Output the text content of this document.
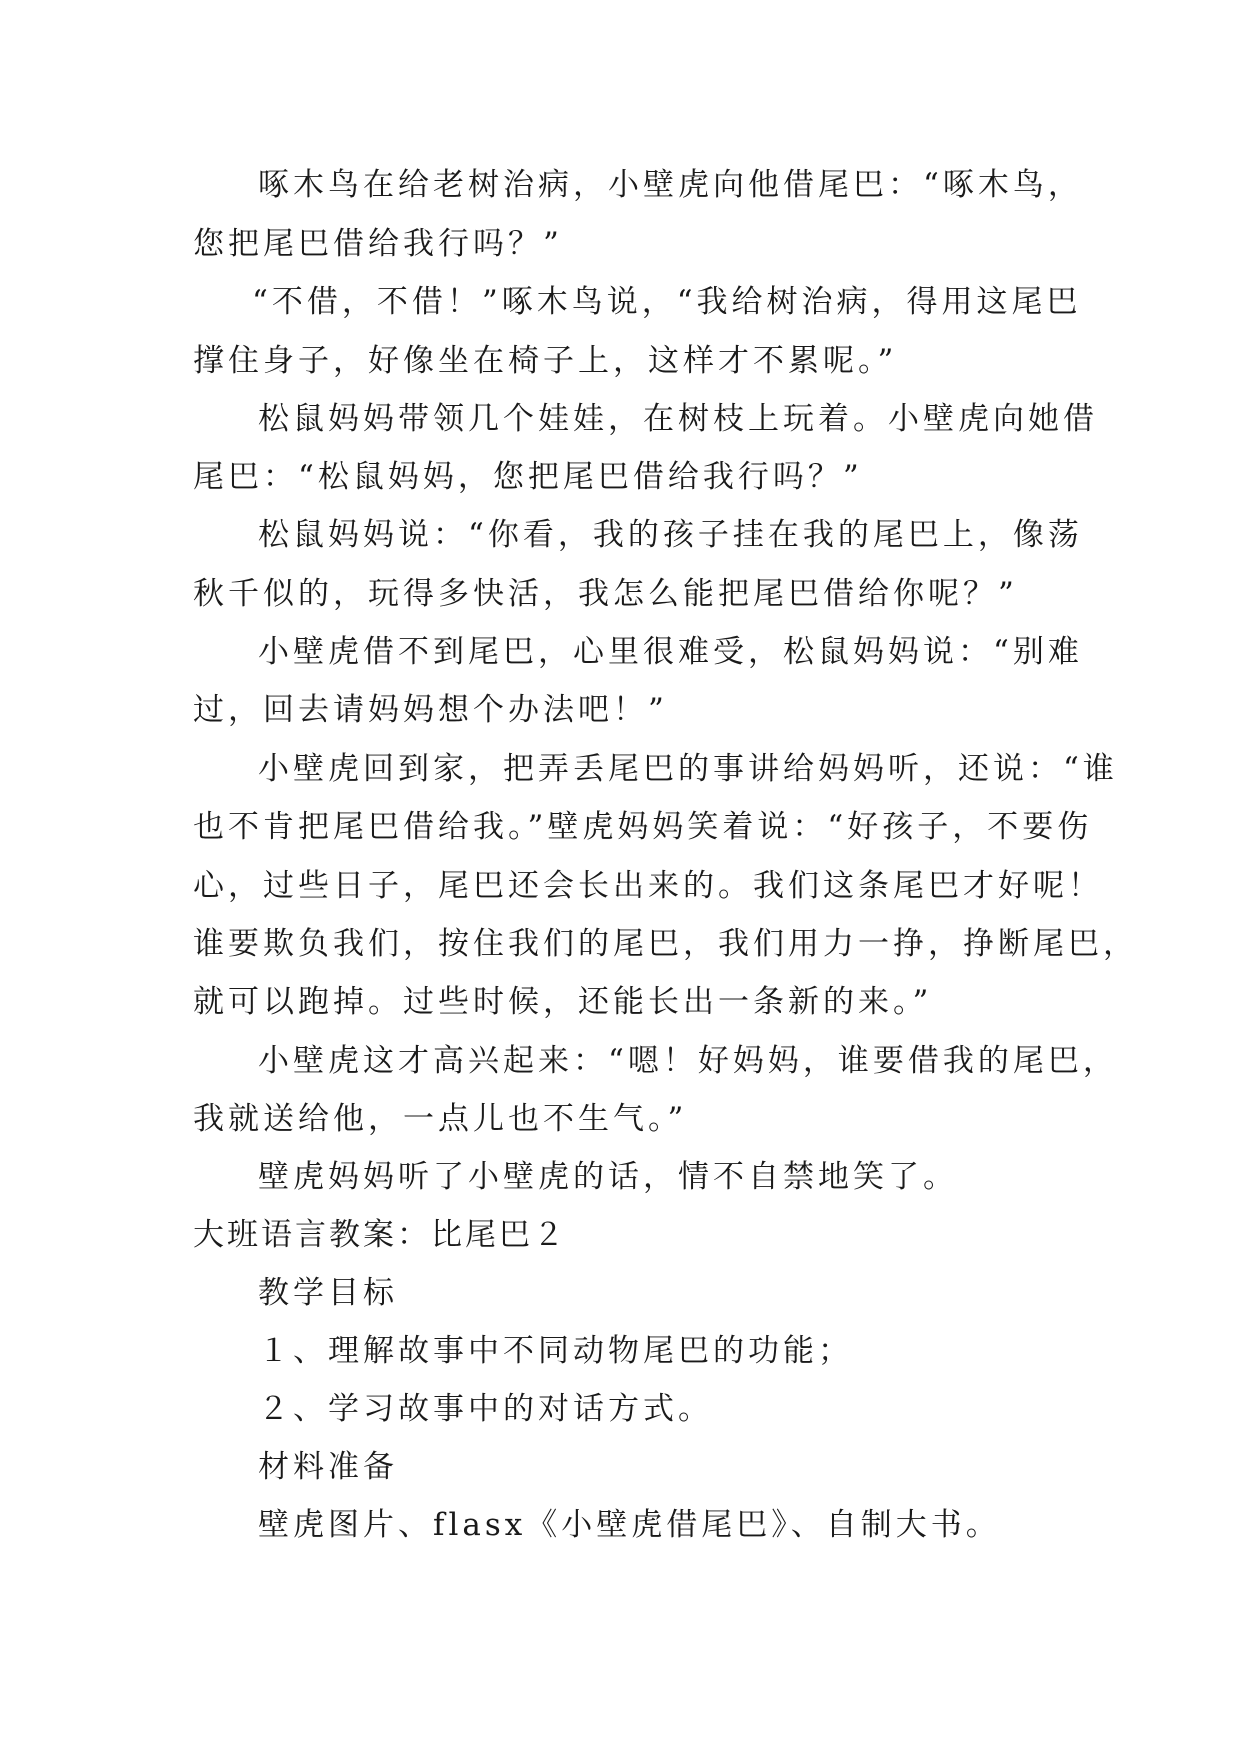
啄木鸟在给老树治病，小壁虎向他借尾巴：“啄木鸟，
您把尾巴借给我行吗？”
“不借，不借！”啄木鸟说，“我给树治病，得用这尾巴
撑住身子，好像坐在椅子上，这样才不累呢。”
松鼠妈妈带领几个娃娃，在树枝上玩着。小壁虎向她借
尾巴：“松鼠妈妈，您把尾巴借给我行吗？”
松鼠妈妈说：“你看，我的孩子挂在我的尾巴上，像荡
秋千似的，玩得多快活，我怎么能把尾巴借给你呢？”
小壁虎借不到尾巴，心里很难受，松鼠妈妈说：“别难
过，回去请妈妈想个办法吧！”
小壁虎回到家，把弄丢尾巴的事讲给妈妈听，还说：“谁
也不肯把尾巴借给我。”壁虎妈妈笑着说：“好孩子，不要伤
心，过些日子，尾巴还会长出来的。我们这条尾巴才好呢！
谁要欺负我们，按住我们的尾巴，我们用力一挣，挣断尾巴，
就可以跑掉。过些时候，还能长出一条新的来。”
小壁虎这才高兴起来：“嗯！好妈妈，谁要借我的尾巴，
我就送给他，一点儿也不生气。”
壁虎妈妈听了小壁虎的话，情不自禁地笑了。
大班语言教案：比尾巴２
教学目标
１、理解故事中不同动物尾巴的功能；
２、学习故事中的对话方式。
材料准备
壁虎图片、flasx《小壁虎借尾巴》、自制大书。
